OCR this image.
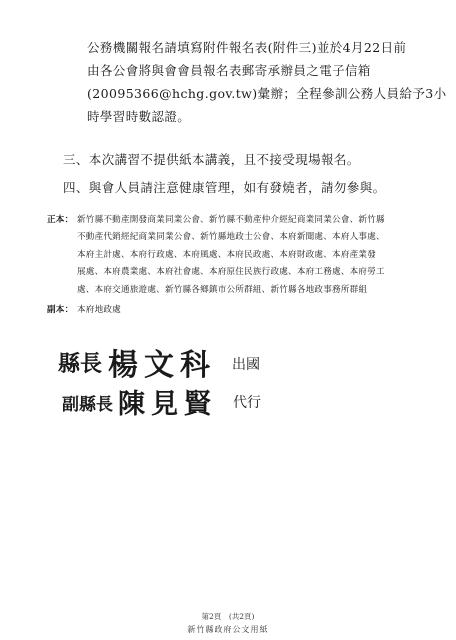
公務機關報名請填寫附件報名表(附件三)並於4月22日前
由各公會將與會會員報名表郵寄承辦員之電子信箱
(20095366@hchg.gov.tw)彙辦；全程參訓公務人員給予3小
時學習時數認證。
三、本次講習不提供紙本講義，且不接受現場報名。
四、與會人員請注意健康管理，如有發燒者，請勿參與。
正本： 新竹縣不動產開發商業同業公會、新竹縣不動產仲介經紀商業同業公會、新竹縣
不動產代銷經紀商業同業公會、新竹縣地政士公會、本府新聞處、本府人事處、
本府主計處、本府行政處、本府風處、本府民政處、本府財政處、本府產業發
展處、本府農業處、本府社會處、本府原住民族行政處、本府工務處、本府勞工
處、本府交通旅遊處、新竹縣各鄉鎮市公所群組、新竹縣各地政事務所群組
副本： 本府地政處
縣長 楊文科 出國
副縣長 陳見賢 代行
第2頁　(共2頁)
新竹縣政府公文用紙
